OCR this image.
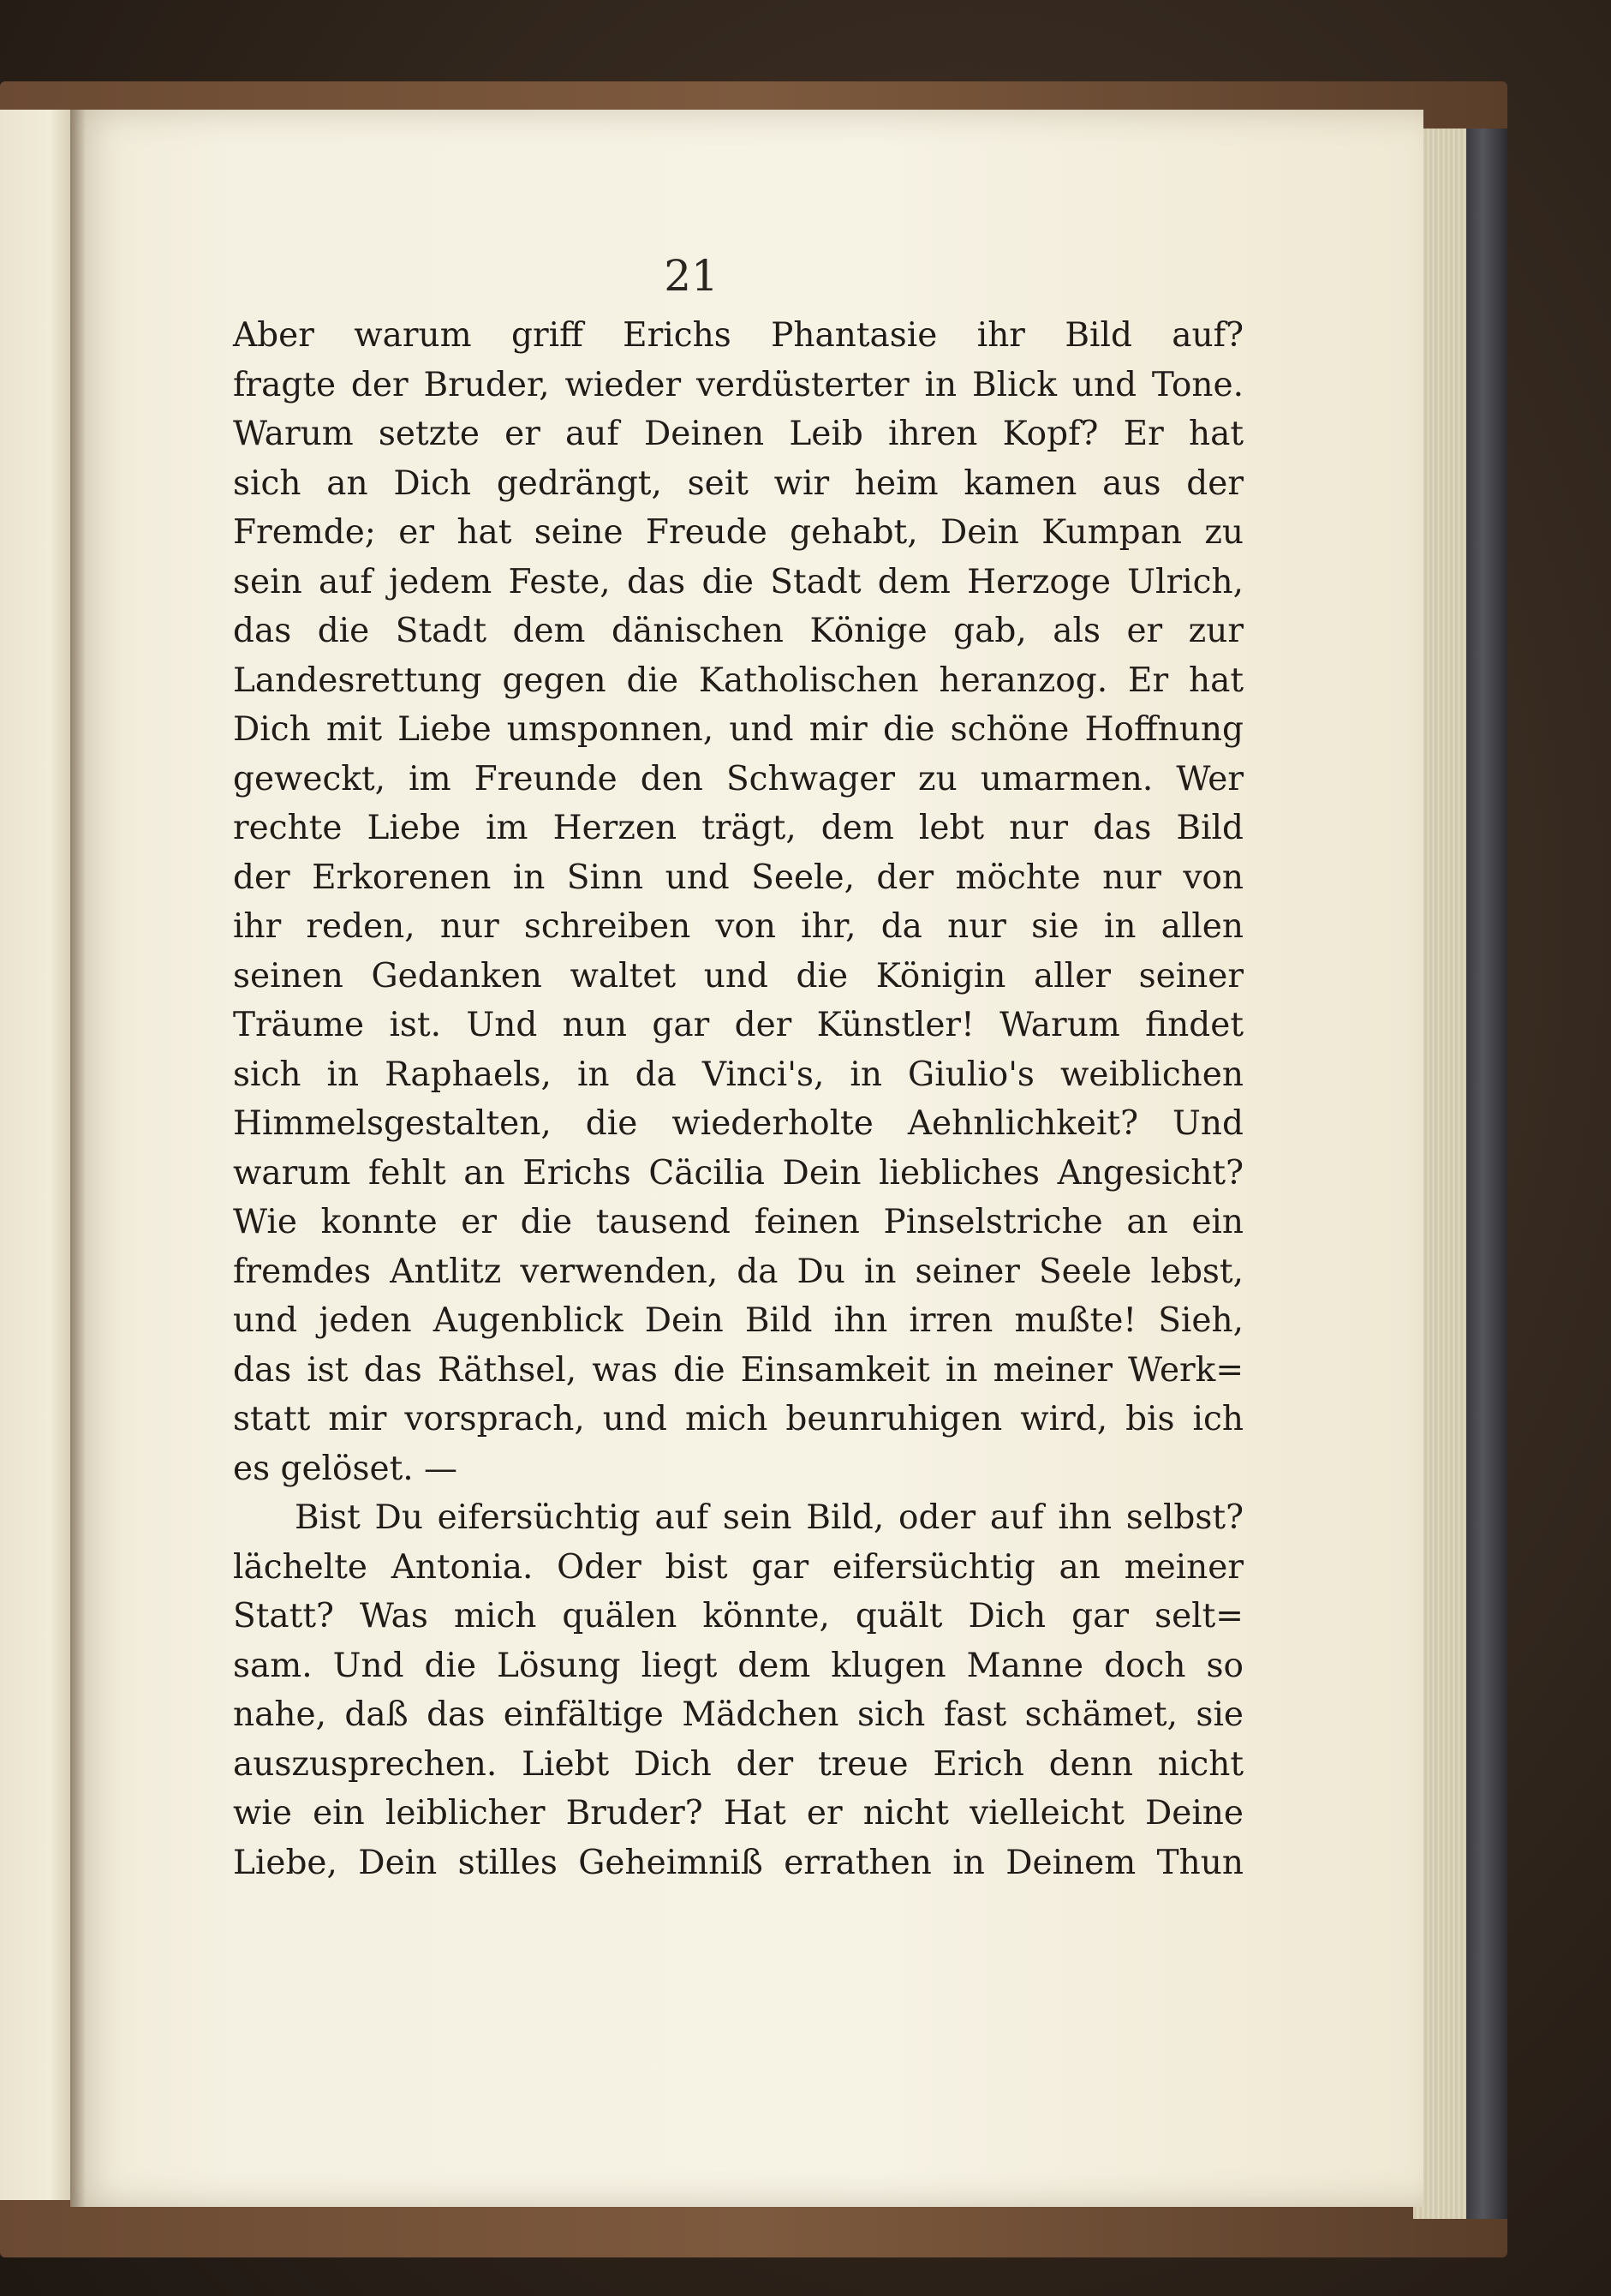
21
Aber warum griff Erichs Phantasie ihr Bild auf?
fragte der Bruder, wieder verdüsterter in Blick und Tone.
Warum setzte er auf Deinen Leib ihren Kopf? Er hat
sich an Dich gedrängt, seit wir heim kamen aus der
Fremde; er hat seine Freude gehabt, Dein Kumpan zu
sein auf jedem Feste, das die Stadt dem Herzoge Ulrich,
das die Stadt dem dänischen Könige gab, als er zur
Landesrettung gegen die Katholischen heranzog. Er hat
Dich mit Liebe umsponnen, und mir die schöne Hoffnung
geweckt, im Freunde den Schwager zu umarmen. Wer
rechte Liebe im Herzen trägt, dem lebt nur das Bild
der Erkorenen in Sinn und Seele, der möchte nur von
ihr reden, nur schreiben von ihr, da nur sie in allen
seinen Gedanken waltet und die Königin aller seiner
Träume ist. Und nun gar der Künstler! Warum findet
sich in Raphaels, in da Vinci's, in Giulio's weiblichen
Himmelsgestalten, die wiederholte Aehnlichkeit? Und
warum fehlt an Erichs Cäcilia Dein liebliches Angesicht?
Wie konnte er die tausend feinen Pinselstriche an ein
fremdes Antlitz verwenden, da Du in seiner Seele lebst,
und jeden Augenblick Dein Bild ihn irren mußte! Sieh,
das ist das Räthsel, was die Einsamkeit in meiner Werk=
statt mir vorsprach, und mich beunruhigen wird, bis ich
es gelöset. —
Bist Du eifersüchtig auf sein Bild, oder auf ihn selbst?
lächelte Antonia. Oder bist gar eifersüchtig an meiner
Statt? Was mich quälen könnte, quält Dich gar selt=
sam. Und die Lösung liegt dem klugen Manne doch so
nahe, daß das einfältige Mädchen sich fast schämet, sie
auszusprechen. Liebt Dich der treue Erich denn nicht
wie ein leiblicher Bruder? Hat er nicht vielleicht Deine
Liebe, Dein stilles Geheimniß errathen in Deinem Thun
